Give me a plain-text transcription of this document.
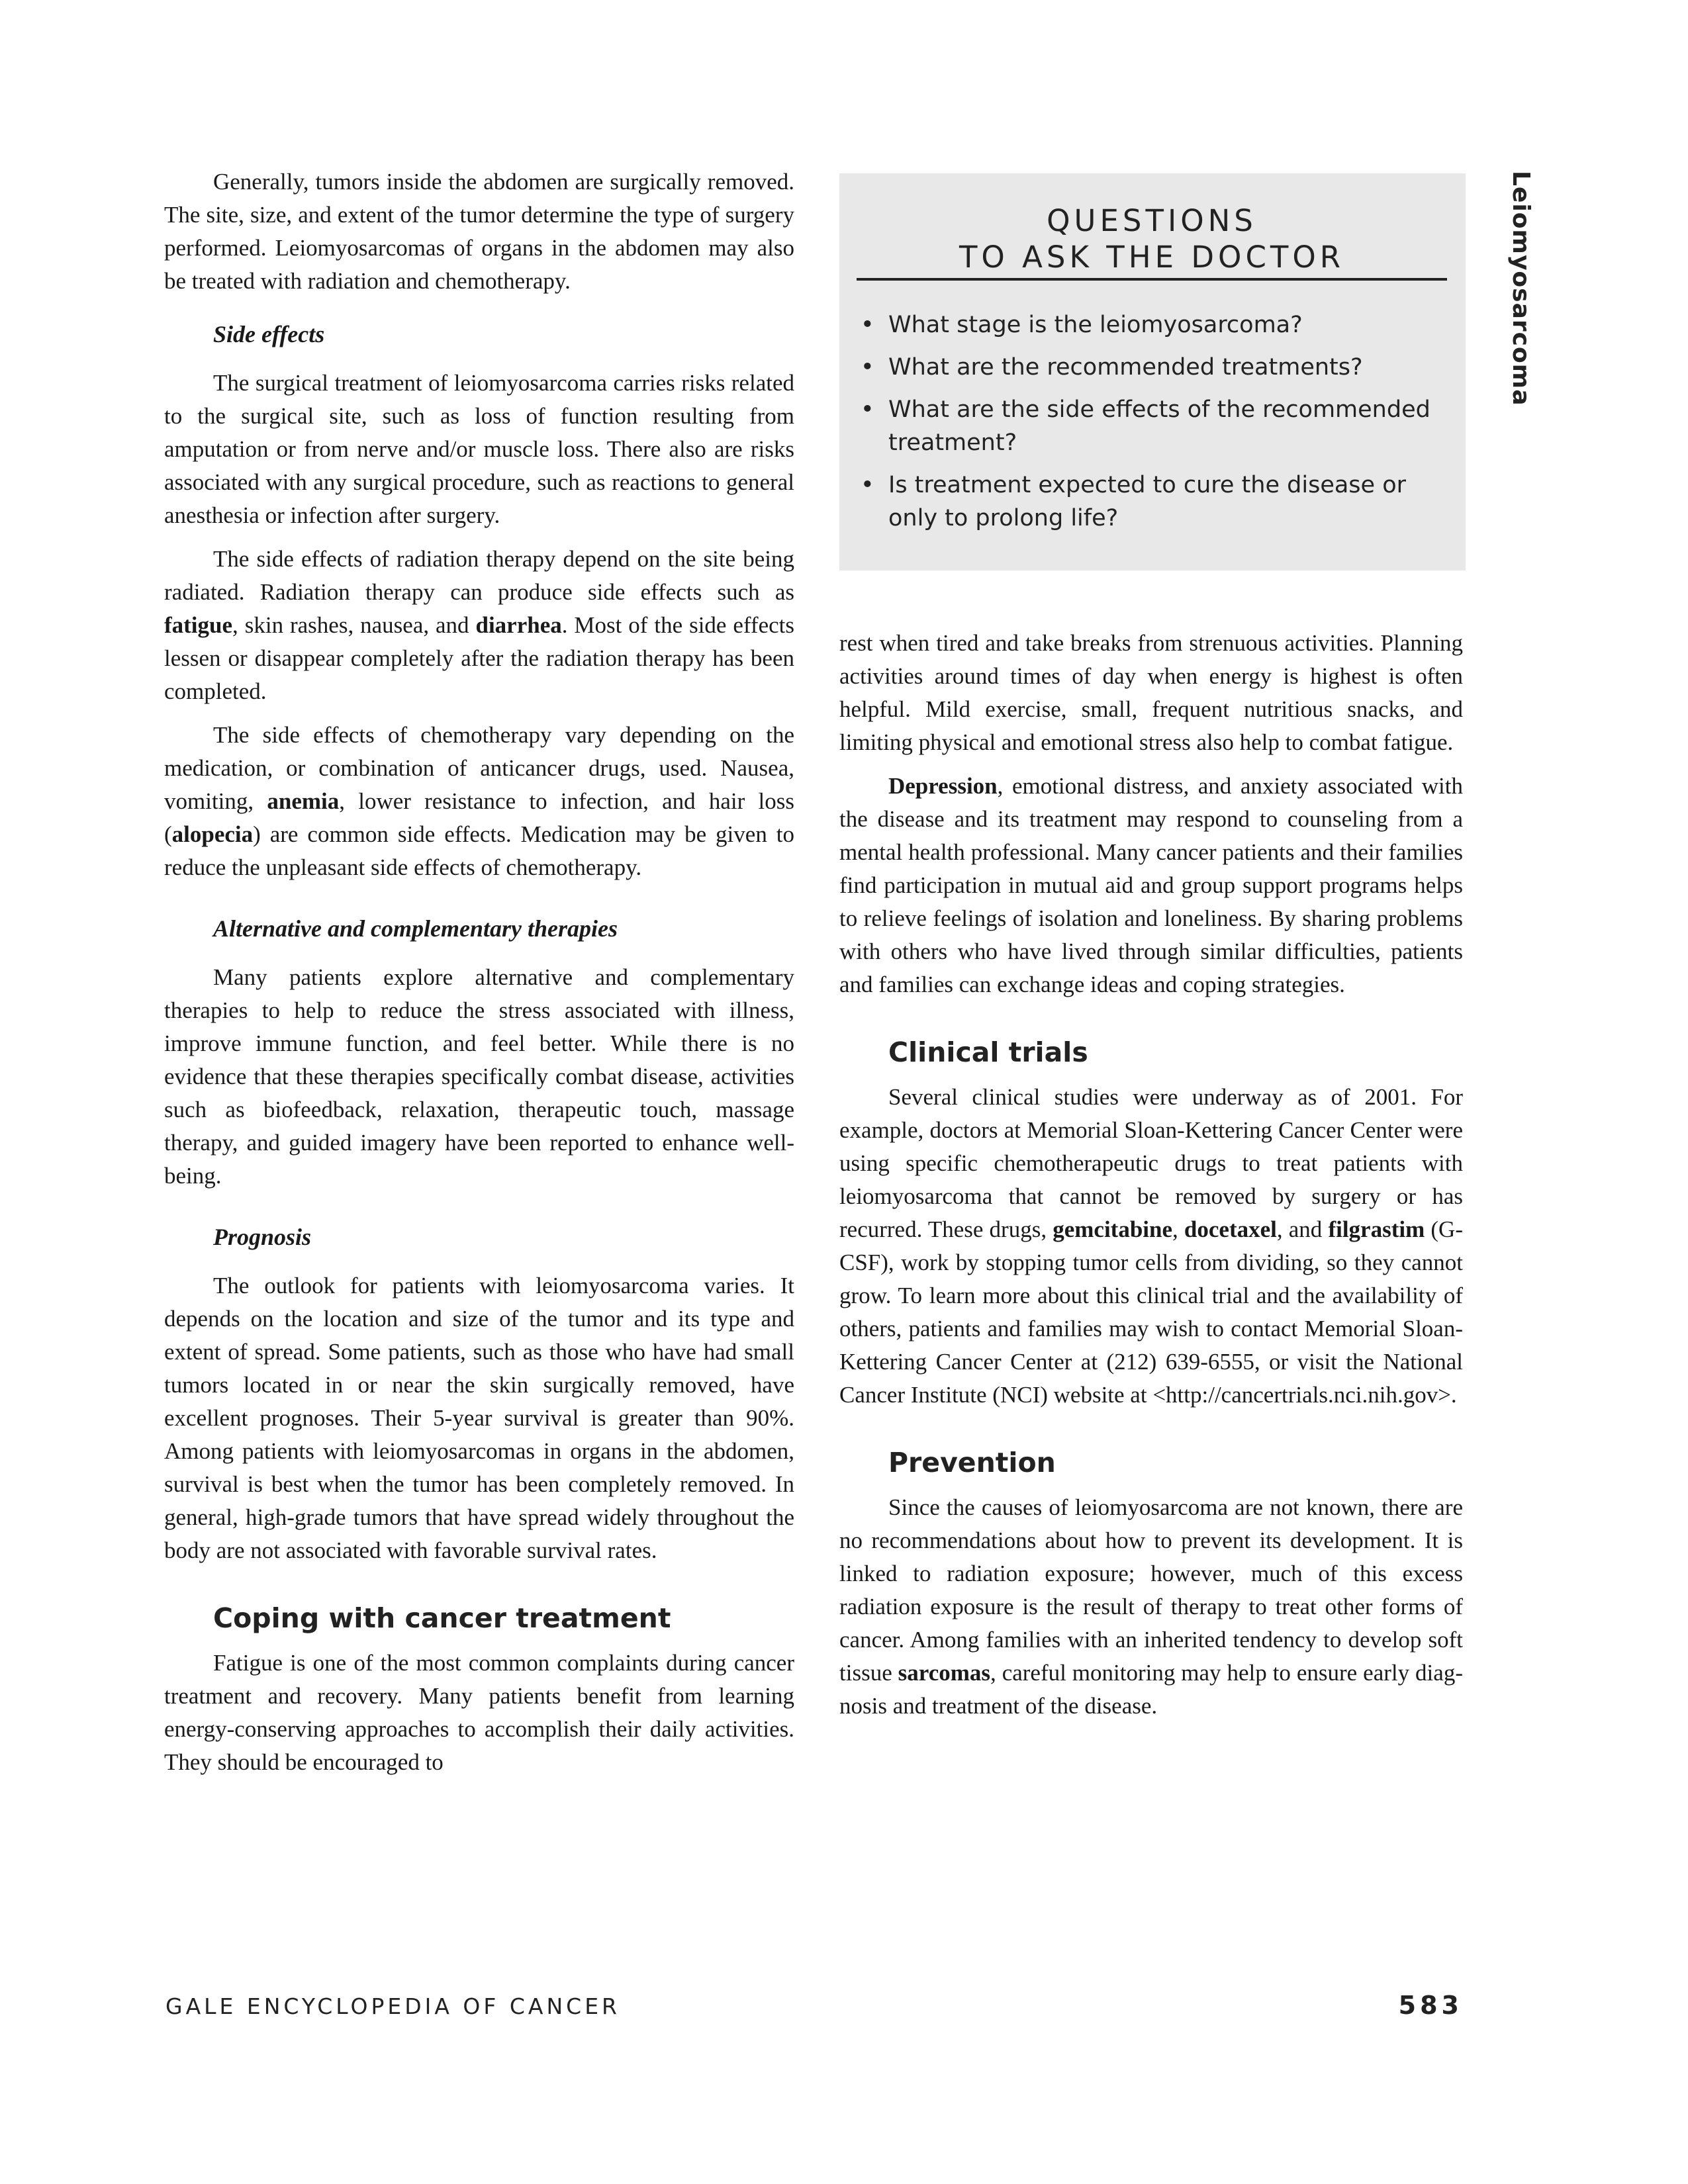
Leiomyosarcoma

Generally, tumors inside the abdomen are surgically removed. The site, size, and extent of the tumor determine the type of surgery performed. Leiomyosarcomas of organs in the abdomen may also be treated with radiation and chemotherapy.

Side effects

The surgical treatment of leiomyosarcoma carries risks related to the surgical site, such as loss of function resulting from amputation or from nerve and/or muscle loss. There also are risks associated with any surgical procedure, such as reactions to general anesthesia or infection after surgery.

The side effects of radiation therapy depend on the site being radiated. Radiation therapy can produce side effects such as fatigue, skin rashes, nausea, and diarrhea. Most of the side effects lessen or disappear completely after the radiation therapy has been completed.

The side effects of chemotherapy vary depending on the medication, or combination of anticancer drugs, used. Nausea, vomiting, anemia, lower resistance to infection, and hair loss (alopecia) are common side effects. Medication may be given to reduce the unpleasant side effects of chemotherapy.

Alternative and complementary therapies

Many patients explore alternative and complementary therapies to help to reduce the stress associated with illness, improve immune function, and feel better. While there is no evidence that these therapies specifically combat disease, activities such as biofeedback, relaxation, therapeutic touch, massage therapy, and guided imagery have been reported to enhance well-being.

Prognosis

The outlook for patients with leiomyosarcoma varies. It depends on the location and size of the tumor and its type and extent of spread. Some patients, such as those who have had small tumors located in or near the skin surgically removed, have excellent prognoses. Their 5-year survival is greater than 90%. Among patients with leiomyosarcomas in organs in the abdomen, survival is best when the tumor has been completely removed. In general, high-grade tumors that have spread widely throughout the body are not associated with favorable survival rates.

Coping with cancer treatment

Fatigue is one of the most common complaints during cancer treatment and recovery. Many patients benefit from learning energy-conserving approaches to accomplish their daily activities. They should be encouraged to

QUESTIONS
TO ASK THE DOCTOR
• What stage is the leiomyosarcoma?
• What are the recommended treatments?
• What are the side effects of the recommended treatment?
• Is treatment expected to cure the disease or only to prolong life?

rest when tired and take breaks from strenuous activities. Planning activities around times of day when energy is highest is often helpful. Mild exercise, small, frequent nutritious snacks, and limiting physical and emotional stress also help to combat fatigue.

Depression, emotional distress, and anxiety associated with the disease and its treatment may respond to counseling from a mental health professional. Many cancer patients and their families find participation in mutual aid and group support programs helps to relieve feelings of isolation and loneliness. By sharing problems with others who have lived through similar difficulties, patients and families can exchange ideas and coping strategies.

Clinical trials

Several clinical studies were underway as of 2001. For example, doctors at Memorial Sloan-Kettering Cancer Center were using specific chemotherapeutic drugs to treat patients with leiomyosarcoma that cannot be removed by surgery or has recurred. These drugs, gemcitabine, docetaxel, and filgrastim (G-CSF), work by stopping tumor cells from dividing, so they cannot grow. To learn more about this clinical trial and the availability of others, patients and families may wish to contact Memorial Sloan-Kettering Cancer Center at (212) 639-6555, or visit the National Cancer Institute (NCI) website at <http://cancertrials.nci.nih.gov>.

Prevention

Since the causes of leiomyosarcoma are not known, there are no recommendations about how to prevent its development. It is linked to radiation exposure; however, much of this excess radiation exposure is the result of therapy to treat other forms of cancer. Among families with an inherited tendency to develop soft tissue sarcomas, careful monitoring may help to ensure early diagnosis and treatment of the disease.

GALE ENCYCLOPEDIA OF CANCER	583
